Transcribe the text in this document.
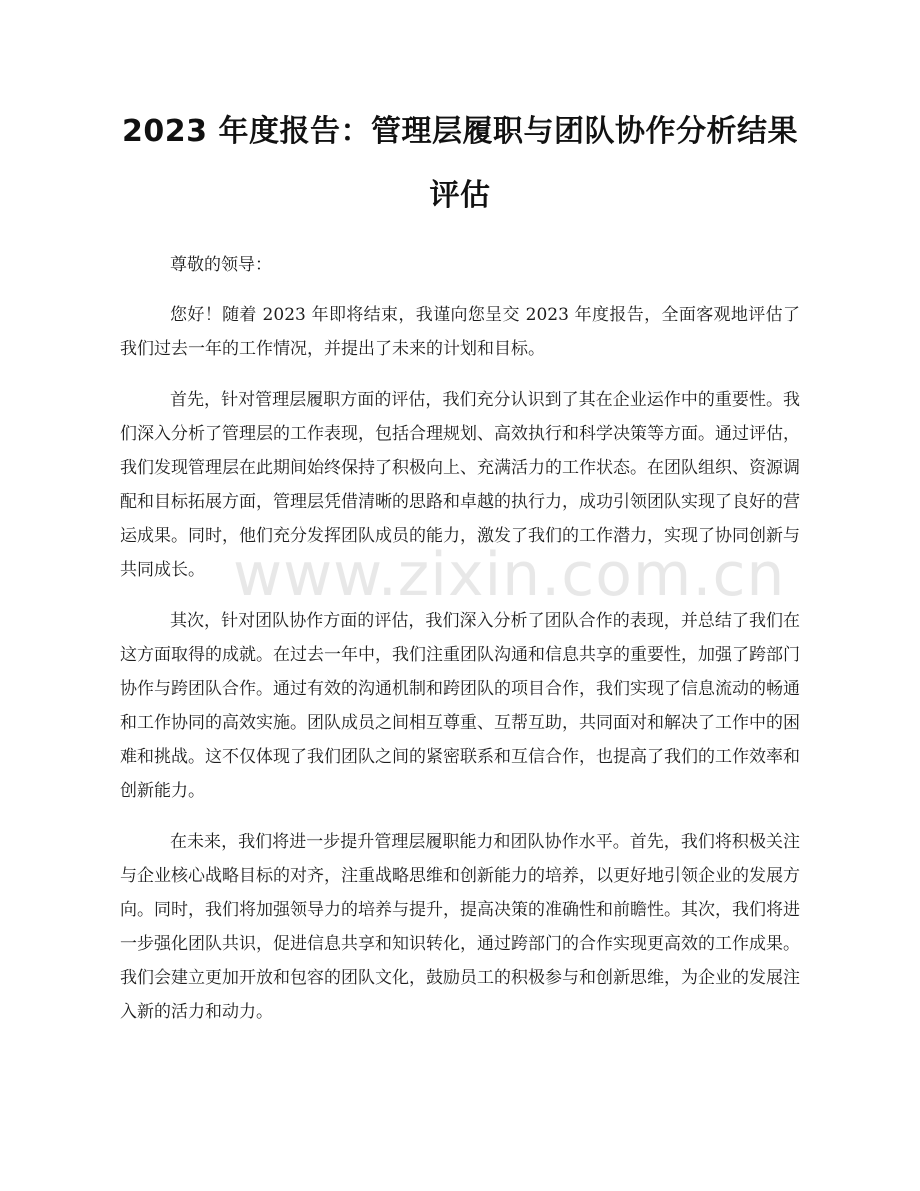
2023 年度报告：管理层履职与团队协作分析结果评估
尊敬的领导：

您好！随着 2023 年即将结束，我谨向您呈交 2023 年度报告，全面客观地评估了我们过去一年的工作情况，并提出了未来的计划和目标。

首先，针对管理层履职方面的评估，我们充分认识到了其在企业运作中的重要性。我们深入分析了管理层的工作表现，包括合理规划、高效执行和科学决策等方面。通过评估，我们发现管理层在此期间始终保持了积极向上、充满活力的工作状态。在团队组织、资源调配和目标拓展方面，管理层凭借清晰的思路和卓越的执行力，成功引领团队实现了良好的营运成果。同时，他们充分发挥团队成员的能力，激发了我们的工作潜力，实现了协同创新与共同成长。

其次，针对团队协作方面的评估，我们深入分析了团队合作的表现，并总结了我们在这方面取得的成就。在过去一年中，我们注重团队沟通和信息共享的重要性，加强了跨部门协作与跨团队合作。通过有效的沟通机制和跨团队的项目合作，我们实现了信息流动的畅通和工作协同的高效实施。团队成员之间相互尊重、互帮互助，共同面对和解决了工作中的困难和挑战。这不仅体现了我们团队之间的紧密联系和互信合作，也提高了我们的工作效率和创新能力。

在未来，我们将进一步提升管理层履职能力和团队协作水平。首先，我们将积极关注与企业核心战略目标的对齐，注重战略思维和创新能力的培养，以更好地引领企业的发展方向。同时，我们将加强领导力的培养与提升，提高决策的准确性和前瞻性。其次，我们将进一步强化团队共识，促进信息共享和知识转化，通过跨部门的合作实现更高效的工作成果。我们会建立更加开放和包容的团队文化，鼓励员工的积极参与和创新思维，为企业的发展注入新的活力和动力。

www.zixin.com.cn
